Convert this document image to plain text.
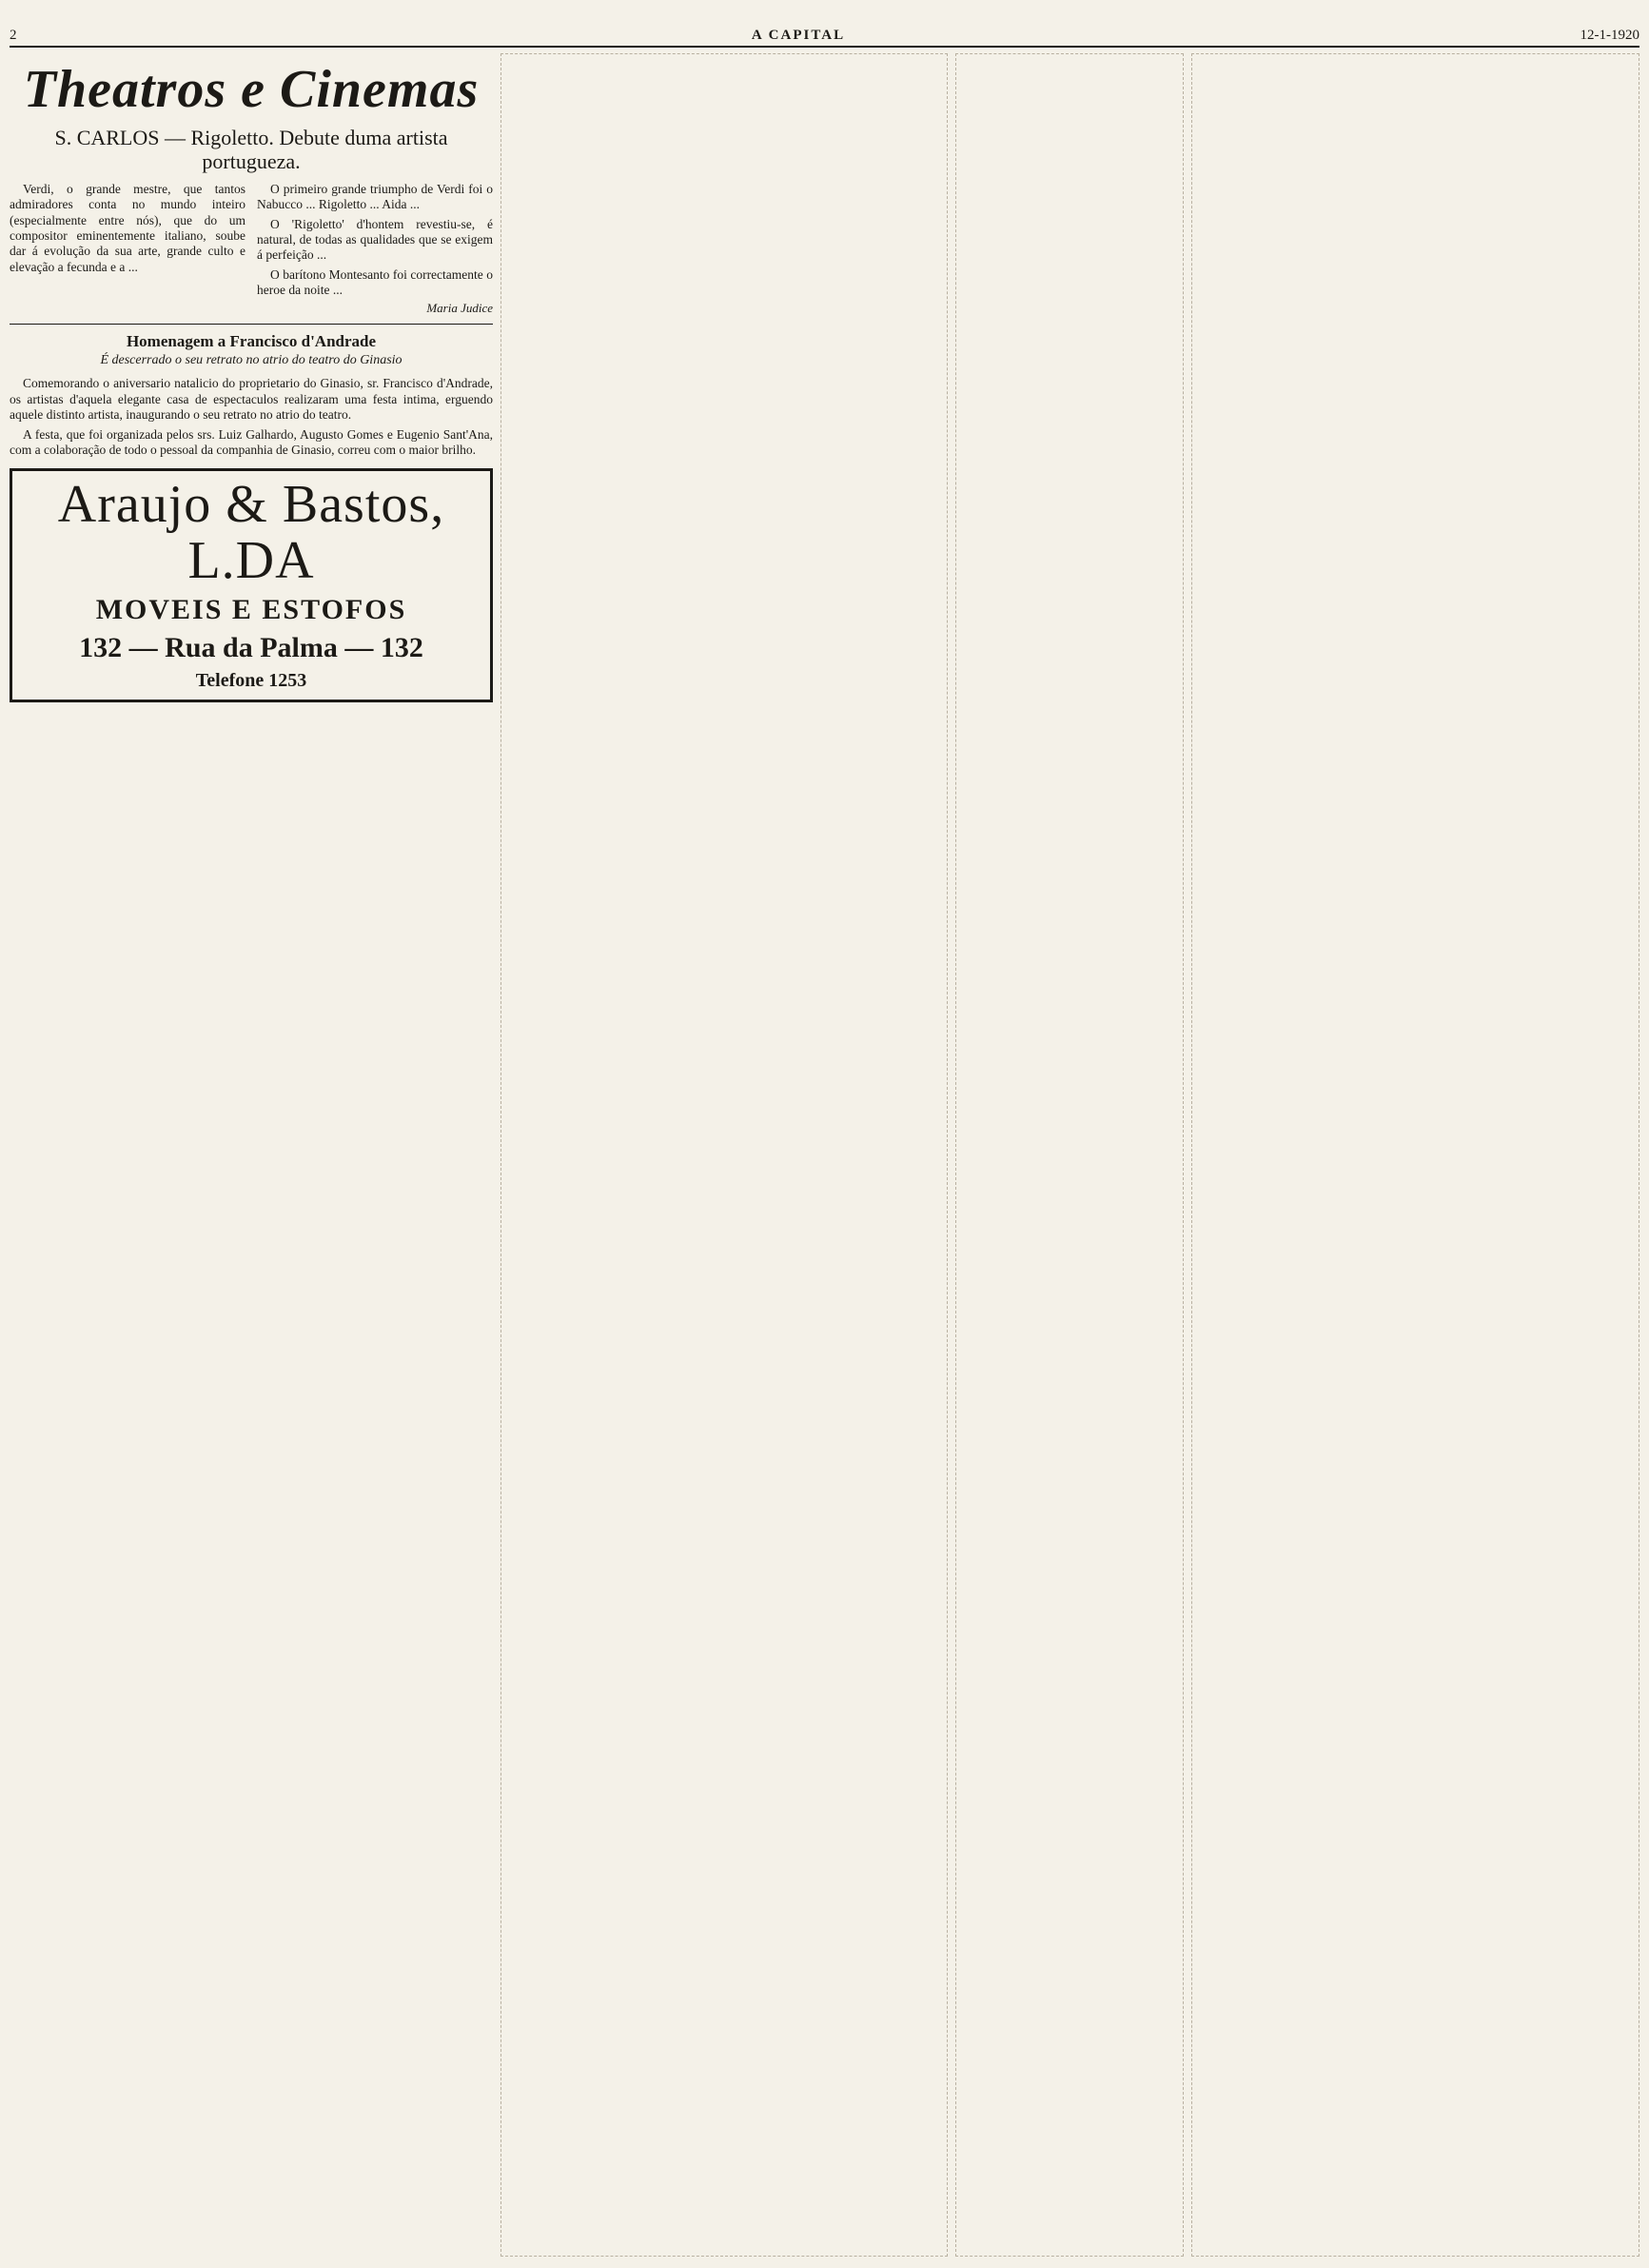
2	A CAPITAL	12-1-1920
Theatros e Cinemas
S. CARLOS — Rigoletto. Debute duma artista portugueza.

Verdi, o grande mestre, que tantos admiradores conta no mundo inteiro (especialmente entre nós), que do um compositor eminentemente italiano, soube dar á evolução da sua arte, grande culto e elevação a fecunda e a ...

O primeiro grande triumpho de Verdi foi o Nabucco ... Rigoletto ... Aida ...

O 'Rigoletto' d'hontem revestiu-se, é natural, de todas as qualidades que se exigem á perfeição ...

O barítono Montesanto foi correctamente o heroe da noite ...

Maria Judice
Homenagem a Francisco d'Andrade
É descerrado o seu retrato no atrio do teatro do Ginasio

Comemorando o aniversario natalicio do proprietario do Ginasio, sr. Francisco d'Andrade, os artistas d'aquela elegante casa de espectaculos realizaram uma festa intima, erguendo aquele distinto artista, inaugurando o seu retrato no atrio do teatro.

A festa, que foi organizada pelos srs. Luiz Galhardo, Augusto Gomes e Eugenio Sant'Ana, com a colaboração de todo o pessoal da companhia de Ginasio, correu com o maior brilho.

Araujo & Bastos, L.DA
MOVEIS E ESTOFOS
132 — Rua da Palma — 132
Telefone 1253
